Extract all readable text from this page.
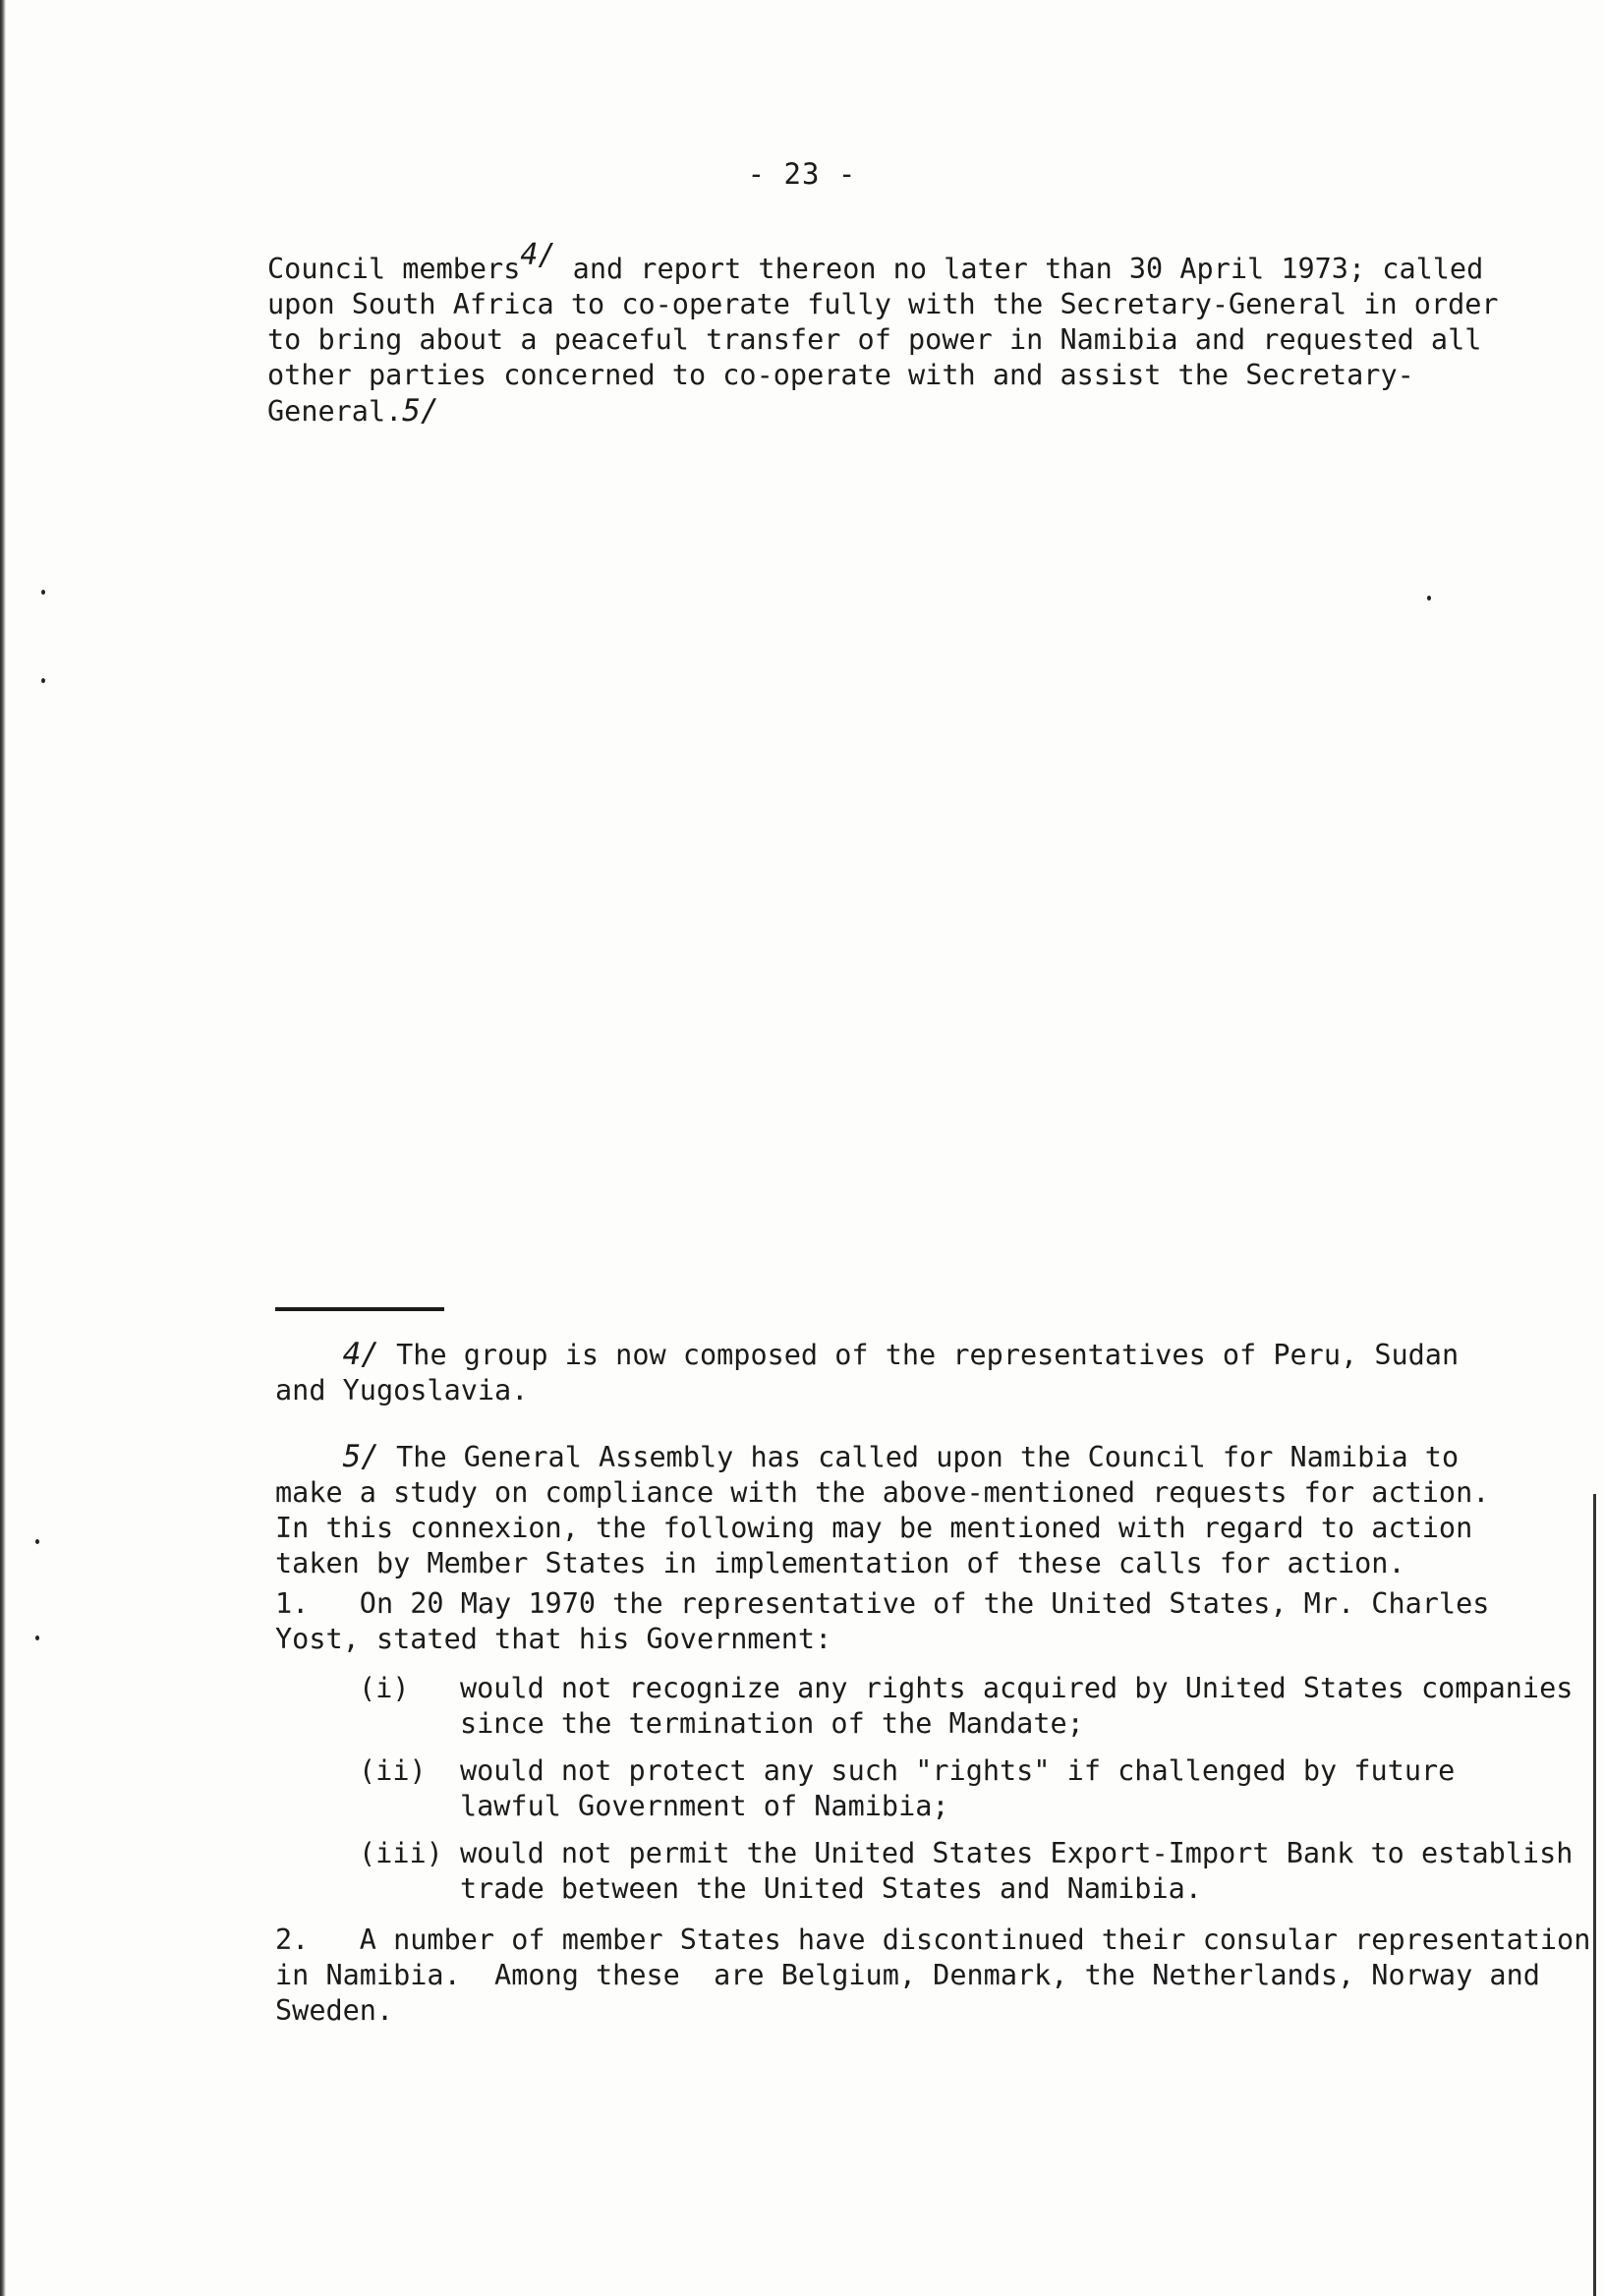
- 23 -
Council members4/ and report thereon no later than 30 April 1973; called
upon South Africa to co-operate fully with the Secretary-General in order
to bring about a peaceful transfer of power in Namibia and requested all
other parties concerned to co-operate with and assist the Secretary-
General.5/
4/ The group is now composed of the representatives of Peru, Sudan
and Yugoslavia.
5/ The General Assembly has called upon the Council for Namibia to
make a study on compliance with the above-mentioned requests for action.
In this connexion, the following may be mentioned with regard to action
taken by Member States in implementation of these calls for action.
1.   On 20 May 1970 the representative of the United States, Mr. Charles
Yost, stated that his Government:
(i)   would not recognize any rights acquired by United States companies
since the termination of the Mandate;
(ii)  would not protect any such "rights" if challenged by future
lawful Government of Namibia;
(iii) would not permit the United States Export-Import Bank to establish
trade between the United States and Namibia.
2.   A number of member States have discontinued their consular representation
in Namibia.  Among these  are Belgium, Denmark, the Netherlands, Norway and
Sweden.
